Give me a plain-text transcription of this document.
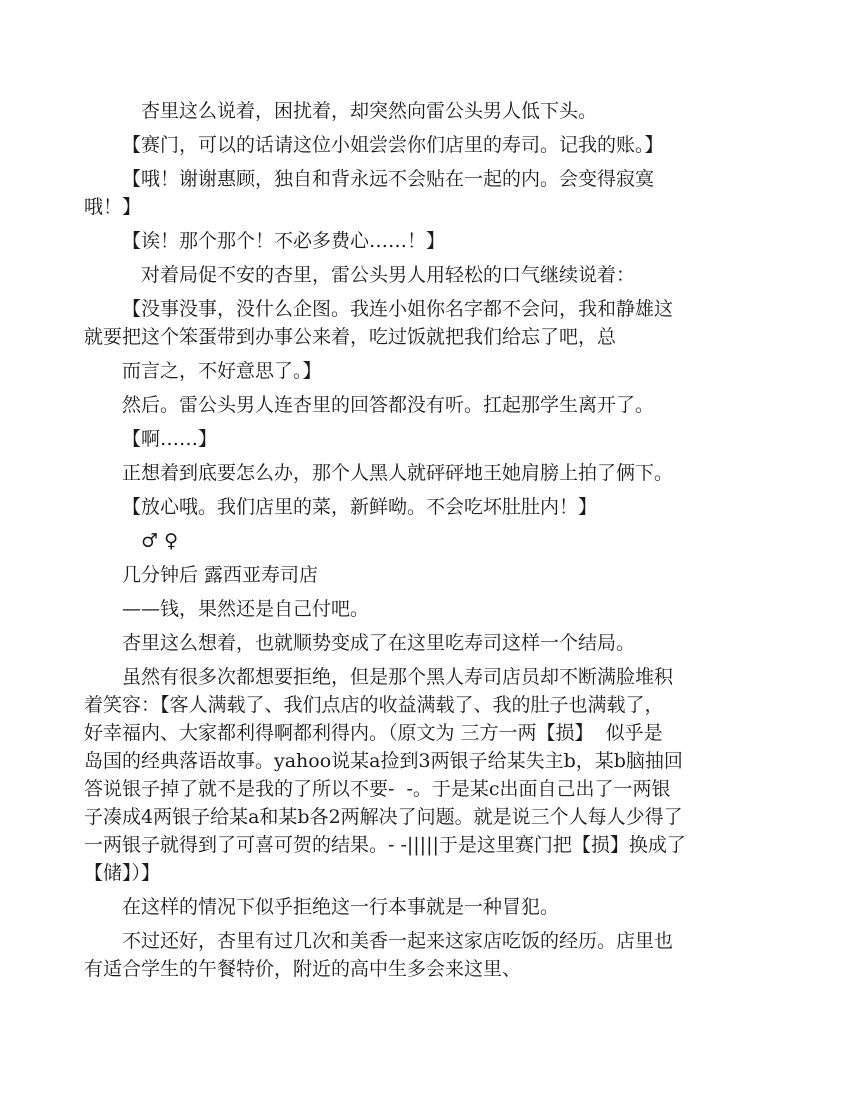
杏里这么说着，困扰着，却突然向雷公头男人低下头。
【赛门，可以的话请这位小姐尝尝你们店里的寿司。记我的账。】
【哦！谢谢惠顾，独自和背永远不会贴在一起的内。会变得寂寞
哦！】
【诶！那个那个！不必多费心……！】
对着局促不安的杏里，雷公头男人用轻松的口气继续说着：
【没事没事，没什么企图。我连小姐你名字都不会问，我和静雄这
就要把这个笨蛋带到办事公来着，吃过饭就把我们给忘了吧，总
而言之，不好意思了。】
然后。雷公头男人连杏里的回答都没有听。扛起那学生离开了。
【啊……】
正想着到底要怎么办，那个人黑人就砰砰地王她肩膀上拍了俩下。
【放心哦。我们店里的菜，新鲜呦。不会吃坏肚肚内！】
♂ ♀
几分钟后 露西亚寿司店
——钱，果然还是自己付吧。
杏里这么想着，也就顺势变成了在这里吃寿司这样一个结局。
虽然有很多次都想要拒绝，但是那个黑人寿司店员却不断满脸堆积
着笑容：【客人满载了、我们点店的收益满载了、我的肚子也满载了，
好幸福内、大家都利得啊都利得内。（原文为 三方一两【损】  似乎是
岛国的经典落语故事。yahoo说某a捡到3两银子给某失主b，某b脑抽回
答说银子掉了就不是我的了所以不要-  -。于是某c出面自己出了一两银
子凑成4两银子给某a和某b各2两解决了问题。就是说三个人每人少得了
一两银子就得到了可喜可贺的结果。- -|||||于是这里赛门把【损】换成了
【储】）】
在这样的情况下似乎拒绝这一行本事就是一种冒犯。
不过还好，杏里有过几次和美香一起来这家店吃饭的经历。店里也
有适合学生的午餐特价，附近的高中生多会来这里、
